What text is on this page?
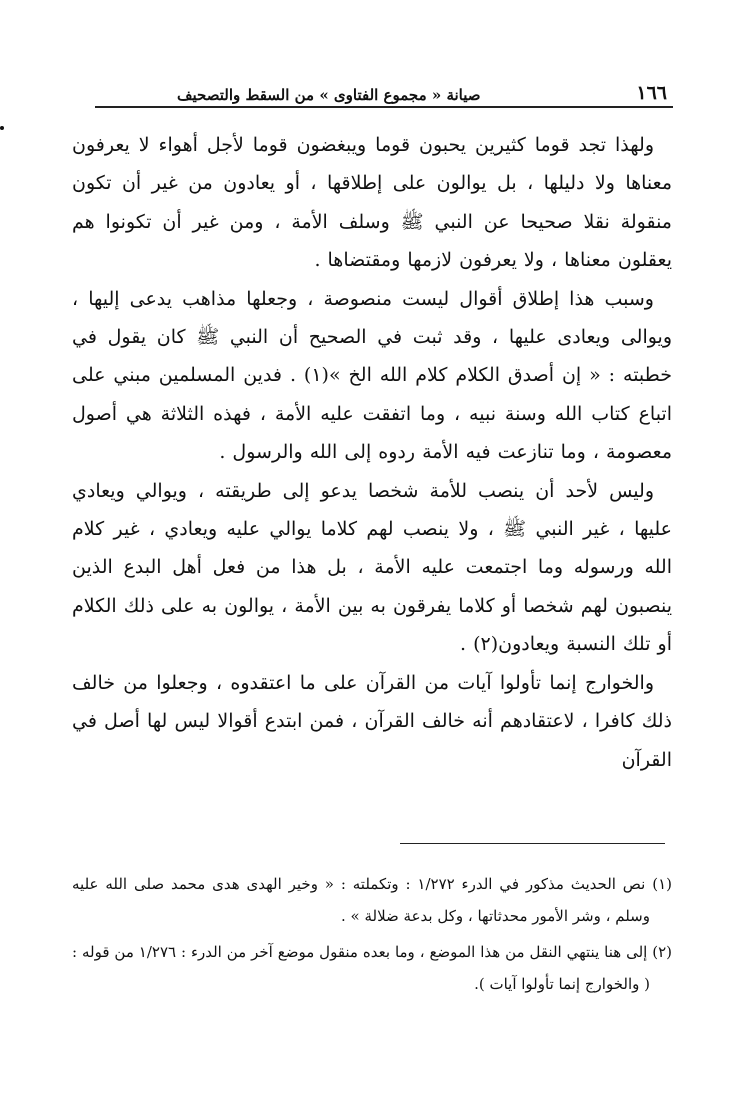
١٦٦
صيانة « مجموع الفتاوى » من السقط والتصحيف

ولهذا تجد قوما كثيرين يحبون قوما ويبغضون قوما لأجل أهواء لا يعرفون معناها ولا دليلها ، بل يوالون على إطلاقها ، أو يعادون من غير أن تكون منقولة نقلا صحيحا عن النبي ﷺ وسلف الأمة ، ومن غير أن تكونوا هم يعقلون معناها ، ولا يعرفون لازمها ومقتضاها .

وسبب هذا إطلاق أقوال ليست منصوصة ، وجعلها مذاهب يدعى إليها ، ويوالى ويعادى عليها ، وقد ثبت في الصحيح أن النبي ﷺ كان يقول في خطبته : « إن أصدق الكلام كلام الله الخ »(١) . فدين المسلمين مبني على اتباع كتاب الله وسنة نبيه ، وما اتفقت عليه الأمة ، فهذه الثلاثة هي أصول معصومة ، وما تنازعت فيه الأمة ردوه إلى الله والرسول .

وليس لأحد أن ينصب للأمة شخصا يدعو إلى طريقته ، ويوالي ويعادي عليها ، غير النبي ﷺ ، ولا ينصب لهم كلاما يوالي عليه ويعادي ، غير كلام الله ورسوله وما اجتمعت عليه الأمة ، بل هذا من فعل أهل البدع الذين ينصبون لهم شخصا أو كلاما يفرقون به بين الأمة ، يوالون به على ذلك الكلام أو تلك النسبة ويعادون(٢) .

والخوارج إنما تأولوا آيات من القرآن على ما اعتقدوه ، وجعلوا من خالف ذلك كافرا ، لاعتقادهم أنه خالف القرآن ، فمن ابتدع أقوالا ليس لها أصل في القرآن

(١) نص الحديث مذكور في الدرء ١/٢٧٢ : وتكملته : « وخير الهدى هدى محمد صلى الله عليه وسلم ، وشر الأمور محدثاتها ، وكل بدعة ضلالة » .

(٢) إلى هنا ينتهي النقل من هذا الموضع ، وما بعده منقول موضع آخر من الدرء : ١/٢٧٦ من قوله : ( والخوارج إنما تأولوا آيات ).
